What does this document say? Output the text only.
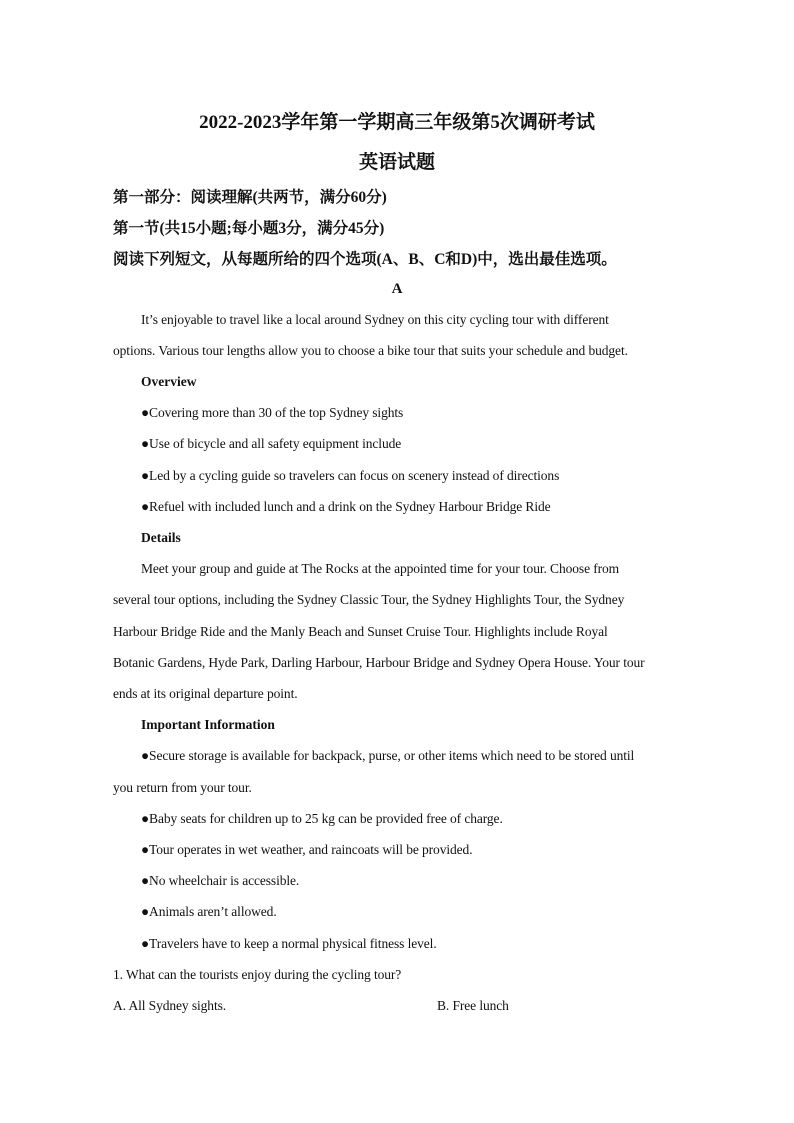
2022-2023学年第一学期高三年级第5次调研考试
英语试题
第一部分：阅读理解(共两节，满分60分)
第一节(共15小题;每小题3分，满分45分)
阅读下列短文，从每题所给的四个选项(A、B、C和D)中，选出最佳选项。
A
It’s enjoyable to travel like a local around Sydney on this city cycling tour with different
options. Various tour lengths allow you to choose a bike tour that suits your schedule and budget.
Overview
●Covering more than 30 of the top Sydney sights
●Use of bicycle and all safety equipment include
●Led by a cycling guide so travelers can focus on scenery instead of directions
●Refuel with included lunch and a drink on the Sydney Harbour Bridge Ride
Details
Meet your group and guide at The Rocks at the appointed time for your tour. Choose from
several tour options, including the Sydney Classic Tour, the Sydney Highlights Tour, the Sydney
Harbour Bridge Ride and the Manly Beach and Sunset Cruise Tour. Highlights include Royal
Botanic Gardens, Hyde Park, Darling Harbour, Harbour Bridge and Sydney Opera House. Your tour
ends at its original departure point.
Important Information
●Secure storage is available for backpack, purse, or other items which need to be stored until
you return from your tour.
●Baby seats for children up to 25 kg can be provided free of charge.
●Tour operates in wet weather, and raincoats will be provided.
●No wheelchair is accessible.
●Animals aren’t allowed.
●Travelers have to keep a normal physical fitness level.
1. What can the tourists enjoy during the cycling tour?
A. All Sydney sights.	B. Free lunch
